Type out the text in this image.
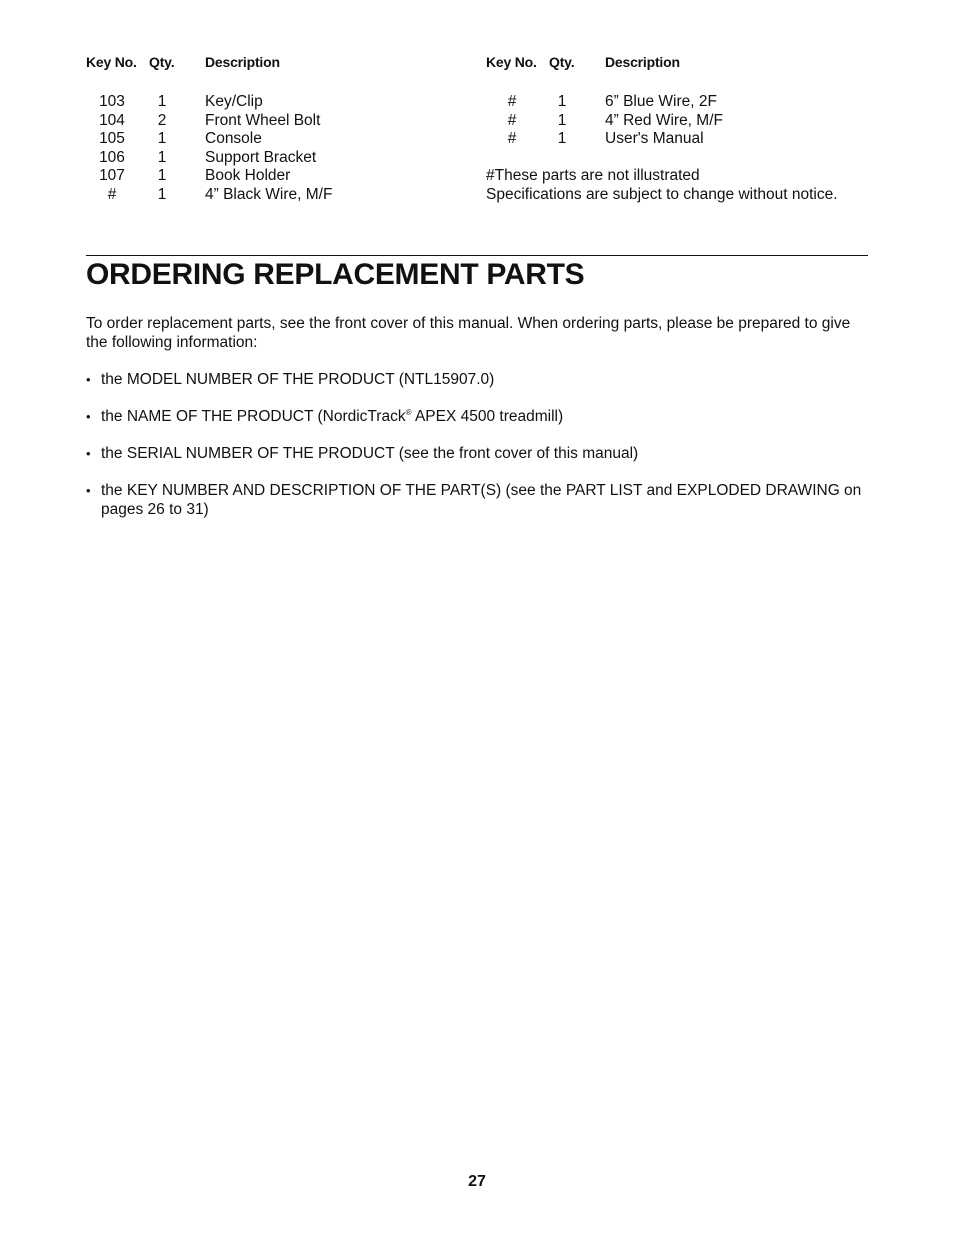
Key No. Qty. Description
103	1	Key/Clip
104	2	Front Wheel Bolt
105	1	Console
106	1	Support Bracket
107	1	Book Holder
#	1	4” Black Wire, M/F
Key No. Qty. Description
#	1	6” Blue Wire, 2F
#	1	4” Red Wire, M/F
#	1	User's Manual
#These parts are not illustrated
Specifications are subject to change without notice.
ORDERING REPLACEMENT PARTS

To order replacement parts, see the front cover of this manual. When ordering parts, please be prepared to give the following information:

• the MODEL NUMBER OF THE PRODUCT (NTL15907.0)
• the NAME OF THE PRODUCT (NordicTrack® APEX 4500 treadmill)
• the SERIAL NUMBER OF THE PRODUCT (see the front cover of this manual)
• the KEY NUMBER AND DESCRIPTION OF THE PART(S) (see the PART LIST and EXPLODED DRAWING on pages 26 to 31)
27
